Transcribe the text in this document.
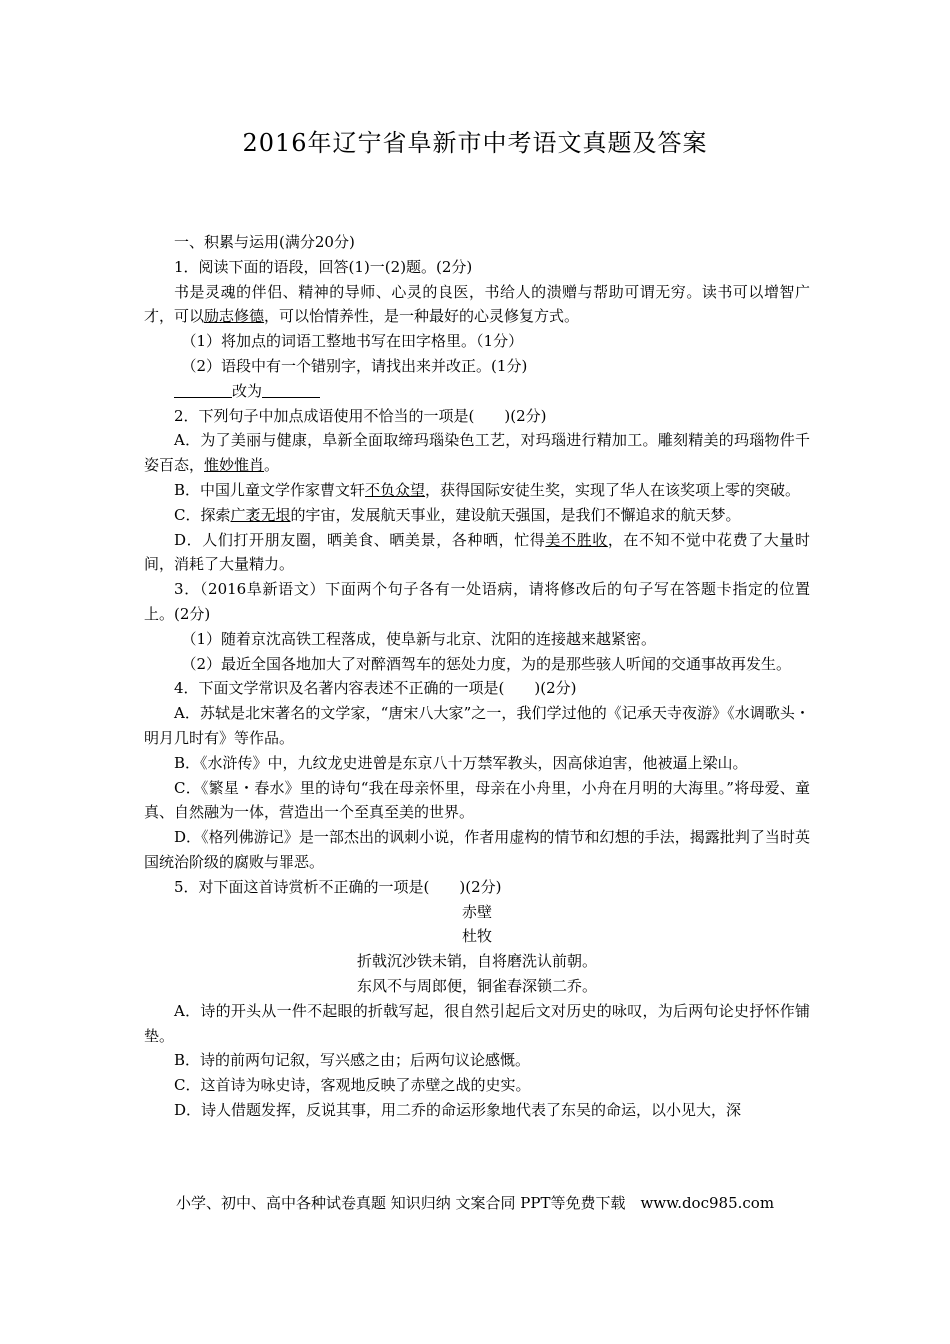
2016年辽宁省阜新市中考语文真题及答案

一、积累与运用(满分20分)

1．阅读下面的语段，回答(1)一(2)题。(2分)

书是灵魂的伴侣、精神的导师、心灵的良医，书给人的溃赠与帮助可谓无穷。读书可以增智广才，可以励志修德，可以怡情养性，是一种最好的心灵修复方式。

（1）将加点的词语工整地书写在田字格里。（1分）

（2）语段中有一个错别字，请找出来并改正。(1分)

改为

2．下列句子中加点成语使用不恰当的一项是(　　)(2分)

A．为了美丽与健康，阜新全面取缔玛瑙染色工艺，对玛瑙进行精加工。雕刻精美的玛瑙物件千姿百态，惟妙惟肖。

B．中国儿童文学作家曹文轩不负众望，获得国际安徒生奖，实现了华人在该奖项上零的突破。

C．探索广袤无垠的宇宙，发展航天事业，建设航天强国，是我们不懈追求的航天梦。

D．人们打开朋友圈，晒美食、晒美景，各种晒，忙得美不胜收，在不知不觉中花费了大量时间，消耗了大量精力。

3．（2016阜新语文）下面两个句子各有一处语病，请将修改后的句子写在答题卡指定的位置上。(2分)

（1）随着京沈高铁工程落成，使阜新与北京、沈阳的连接越来越紧密。

（2）最近全国各地加大了对醉酒驾车的惩处力度，为的是那些骇人听闻的交通事故再发生。

4．下面文学常识及名著内容表述不正确的一项是(　　)(2分)

A．苏轼是北宋著名的文学家，“唐宋八大家”之一，我们学过他的《记承天寺夜游》《水调歌头・明月几时有》等作品。

B．《水浒传》中，九纹龙史进曾是东京八十万禁军教头，因高俅迫害，他被逼上梁山。

C．《繁星・春水》里的诗句“我在母亲怀里，母亲在小舟里，小舟在月明的大海里。”将母爱、童真、自然融为一体，营造出一个至真至美的世界。

D．《格列佛游记》是一部杰出的讽刺小说，作者用虚构的情节和幻想的手法，揭露批判了当时英国统治阶级的腐败与罪恶。

5．对下面这首诗赏析不正确的一项是(　　)(2分)

赤壁

杜牧

折戟沉沙铁未销，自将磨洗认前朝。

东风不与周郎便，铜雀春深锁二乔。

A．诗的开头从一件不起眼的折戟写起，很自然引起后文对历史的咏叹，为后两句论史抒怀作铺垫。

B．诗的前两句记叙，写兴感之由；后两句议论感慨。

C．这首诗为咏史诗，客观地反映了赤壁之战的史实。

D．诗人借题发挥，反说其事，用二乔的命运形象地代表了东吴的命运，以小见大，深

小学、初中、高中各种试卷真题 知识归纳 文案合同 PPT等免费下载　www.doc985.com
